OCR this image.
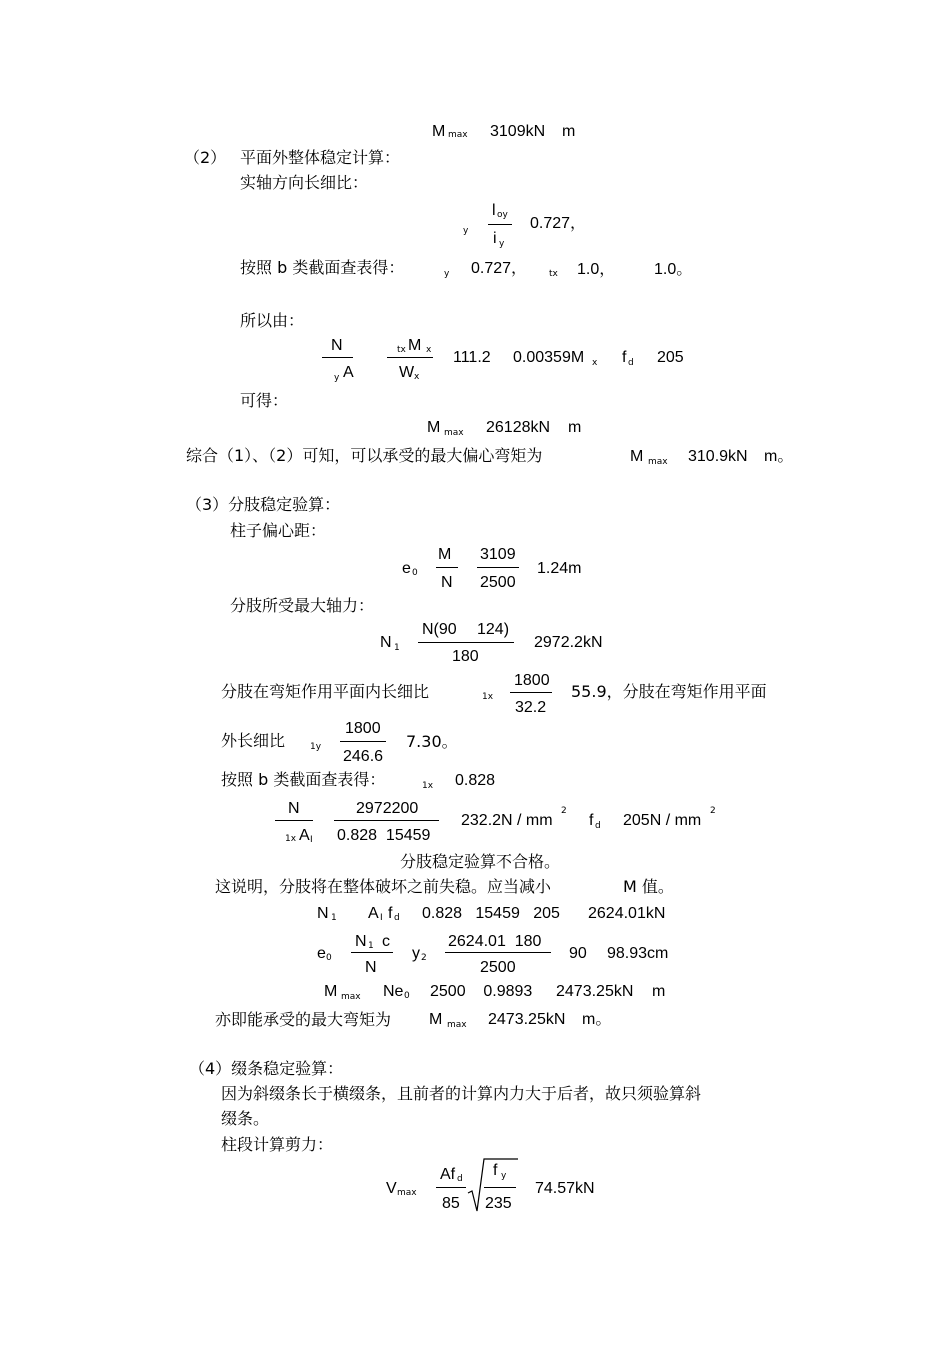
M max 3109kN m
（2） 平面外整体稳定计算：
实轴方向长细比：
y
l oy
i y
0.727，
按照 b 类截面查表得：	y 0.727， tx 1.0， 1.0。
所以由：
N
y A
tx M x
W x
111.2 0.00359M x f d 205
可得：
M max 26128kN m
综合（1）、（2）可知，可以承受的最大偏心弯矩为	M max 310.9kN m。
（3）分肢稳定验算：
柱子偏心距：
e 0
M
N
3109
2500
1.24m
分肢所受最大轴力：
N 1
N(90 124)
180
2972.2kN
分肢在弯矩作用平面内长细比	1x
1800
32.2
55.9，分肢在弯矩作用平面
外长细比	1y
1800
246.6
7.30。
按照 b 类截面查表得：	1x 0.828
N
1x A I
2972200
0.828  15459
232.2N / mm
2
f d 205N / mm
2
分肢稳定验算不合格。
这说明，分肢将在整体破坏之前失稳。应当减小	M 值。
N 1 A I f d 0.828   15459   205 2624.01kN
e 0
N 1 c
N
y 2
2624.01  180
2500
90 98.93cm
M max Ne 0 2500    0.9893 2473.25kN m
亦即能承受的最大弯矩为 M max 2473.25kN m。
（4）缀条稳定验算：
因为斜缀条长于横缀条，且前者的计算内力大于后者，故只须验算斜
缀条。
柱段计算剪力：
V max
Af d
85
f y
235
74.57kN
